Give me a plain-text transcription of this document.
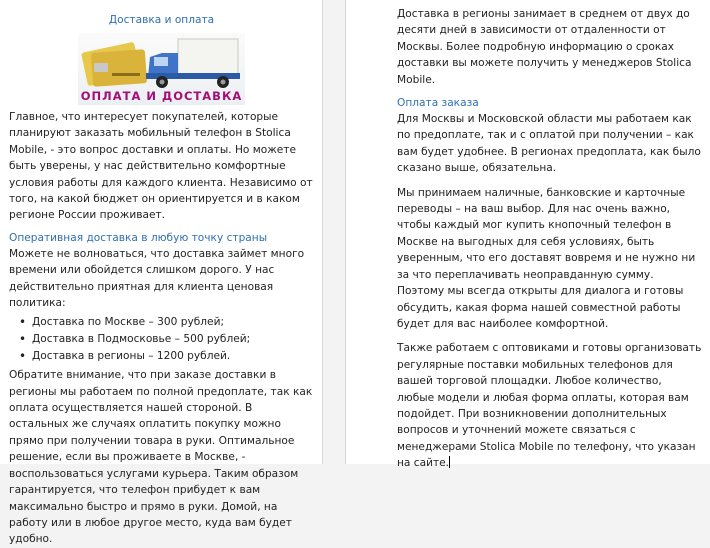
Доставка и оплата

ОПЛАТА И ДОСТАВКА

Главное, что интересует покупателей, которые планируют заказать мобильный телефон в Stolica Mobile, - это вопрос доставки и оплаты. Но можете быть уверены, у нас действительно комфортные условия работы для каждого клиента. Независимо от того, на какой бюджет он ориентируется и в каком регионе России проживает.

Оперативная доставка в любую точку страны

Можете не волноваться, что доставка займет много времени или обойдется слишком дорого. У нас действительно приятная для клиента ценовая политика:

• Доставка по Москве – 300 рублей;
• Доставка в Подмосковье – 500 рублей;
• Доставка в регионы – 1200 рублей.

Обратите внимание, что при заказе доставки в регионы мы работаем по полной предоплате, так как оплата осуществляется нашей стороной. В остальных же случаях оплатить покупку можно прямо при получении товара в руки. Оптимальное решение, если вы проживаете в Москве, - воспользоваться услугами курьера. Таким образом гарантируется, что телефон прибудет к вам максимально быстро и прямо в руки. Домой, на работу или в любое другое место, куда вам будет удобно.

Доставка в регионы занимает в среднем от двух до десяти дней в зависимости от отдаленности от Москвы. Более подробную информацию о сроках доставки вы можете получить у менеджеров Stolica Mobile.

Оплата заказа

Для Москвы и Московской области мы работаем как по предоплате, так и с оплатой при получении – как вам будет удобнее. В регионах предоплата, как было сказано выше, обязательна.

Мы принимаем наличные, банковские и карточные переводы – на ваш выбор. Для нас очень важно, чтобы каждый мог купить кнопочный телефон в Москве на выгодных для себя условиях, быть уверенным, что его доставят вовремя и не нужно ни за что переплачивать неоправданную сумму. Поэтому мы всегда открыты для диалога и готовы обсудить, какая форма нашей совместной работы будет для вас наиболее комфортной.

Также работаем с оптовиками и готовы организовать регулярные поставки мобильных телефонов для вашей торговой площадки. Любое количество, любые модели и любая форма оплаты, которая вам подойдет. При возникновении дополнительных вопросов и уточнений можете связаться с менеджерами Stolica Mobile по телефону, что указан на сайте.
